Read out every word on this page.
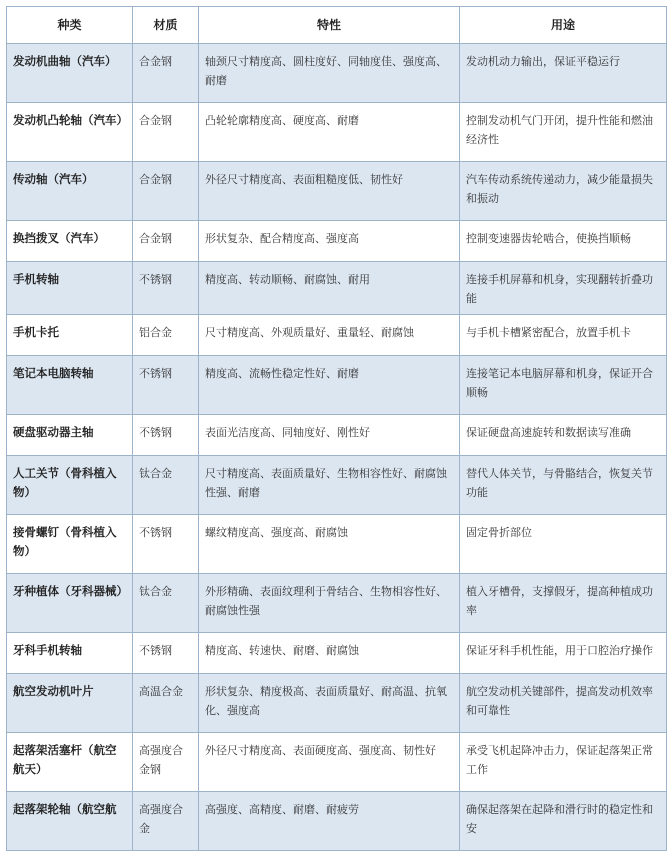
种类	材质	特性	用途
发动机曲轴（汽车）	合金钢	轴颈尺寸精度高、圆柱度好、同轴度佳、强度高、耐磨	发动机动力输出，保证平稳运行
发动机凸轮轴（汽车）	合金钢	凸轮轮廓精度高、硬度高、耐磨	控制发动机气门开闭，提升性能和燃油经济性
传动轴（汽车）	合金钢	外径尺寸精度高、表面粗糙度低、韧性好	汽车传动系统传递动力，减少能量损失和振动
换挡拨叉（汽车）	合金钢	形状复杂、配合精度高、强度高	控制变速器齿轮啮合，使换挡顺畅
手机转轴	不锈钢	精度高、转动顺畅、耐腐蚀、耐用	连接手机屏幕和机身，实现翻转折叠功能
手机卡托	铝合金	尺寸精度高、外观质量好、重量轻、耐腐蚀	与手机卡槽紧密配合，放置手机卡
笔记本电脑转轴	不锈钢	精度高、流畅性稳定性好、耐磨	连接笔记本电脑屏幕和机身，保证开合顺畅
硬盘驱动器主轴	不锈钢	表面光洁度高、同轴度好、刚性好	保证硬盘高速旋转和数据读写准确
人工关节（骨科植入物）	钛合金	尺寸精度高、表面质量好、生物相容性好、耐腐蚀性强、耐磨	替代人体关节，与骨骼结合，恢复关节功能
接骨螺钉（骨科植入物）	不锈钢	螺纹精度高、强度高、耐腐蚀	固定骨折部位
牙种植体（牙科器械）	钛合金	外形精确、表面纹理利于骨结合、生物相容性好、耐腐蚀性强	植入牙槽骨，支撑假牙，提高种植成功率
牙科手机转轴	不锈钢	精度高、转速快、耐磨、耐腐蚀	保证牙科手机性能，用于口腔治疗操作
航空发动机叶片	高温合金	形状复杂、精度极高、表面质量好、耐高温、抗氧化、强度高	航空发动机关键部件，提高发动机效率和可靠性
起落架活塞杆（航空航天）	高强度合金钢	外径尺寸精度高、表面硬度高、强度高、韧性好	承受飞机起降冲击力，保证起落架正常工作
起落架轮轴（航空航	高强度合金	高强度、高精度、耐磨、耐疲劳	确保起落架在起降和滑行时的稳定性和安
